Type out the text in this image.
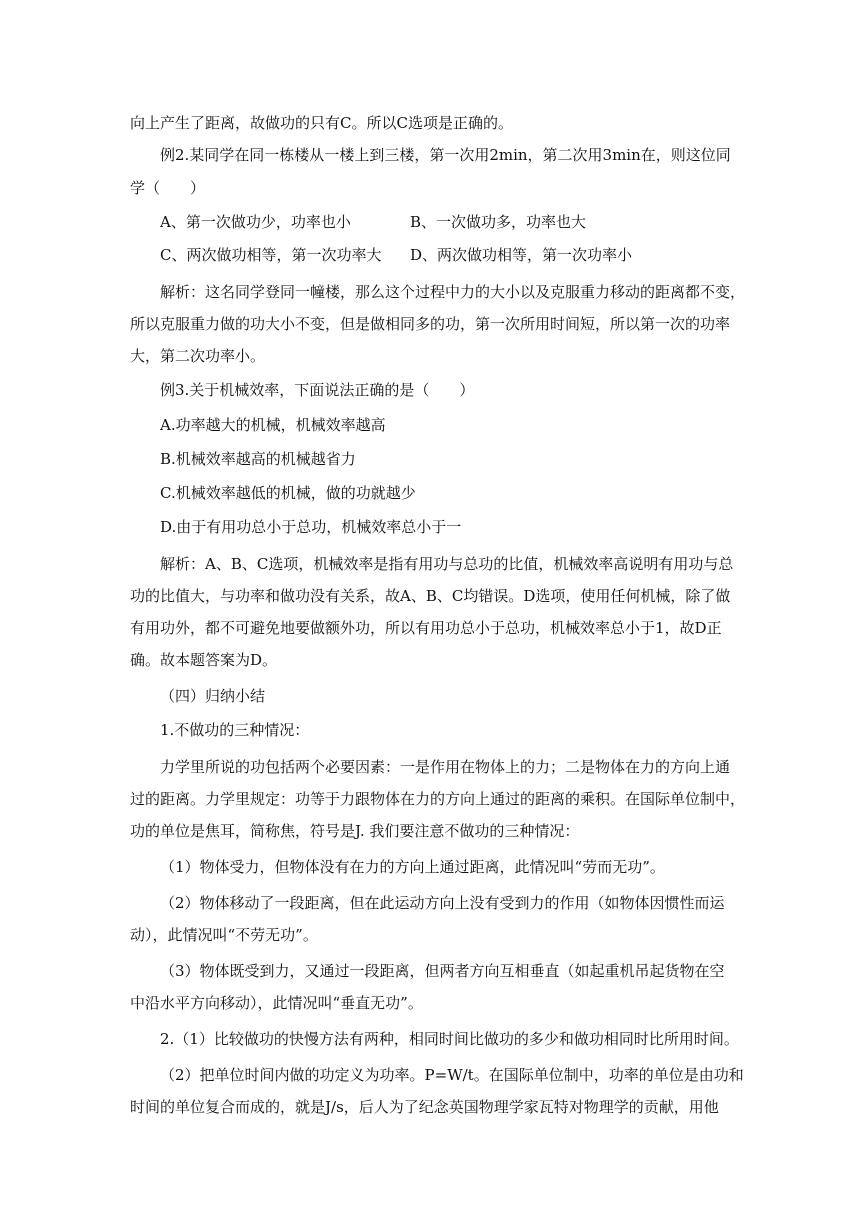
向上产生了距离，故做功的只有C。所以C选项是正确的。
例2.某同学在同一栋楼从一楼上到三楼，第一次用2min，第二次用3min在，则这位同
学（　　）
A、第一次做功少，功率也小	B、一次做功多，功率也大
C、两次做功相等，第一次功率大 D、两次做功相等，第一次功率小
解析：这名同学登同一幢楼，那么这个过程中力的大小以及克服重力移动的距离都不变，
所以克服重力做的功大小不变，但是做相同多的功，第一次所用时间短，所以第一次的功率
大，第二次功率小。
例3.关于机械效率，下面说法正确的是（　　）
A.功率越大的机械，机械效率越高
B.机械效率越高的机械越省力
C.机械效率越低的机械，做的功就越少
D.由于有用功总小于总功，机械效率总小于一
解析：A、B、C选项，机械效率是指有用功与总功的比值，机械效率高说明有用功与总
功的比值大，与功率和做功没有关系，故A、B、C均错误。D选项，使用任何机械，除了做
有用功外，都不可避免地要做额外功，所以有用功总小于总功，机械效率总小于1，故D正
确。故本题答案为D。
（四）归纳小结
1.不做功的三种情况：
力学里所说的功包括两个必要因素：一是作用在物体上的力；二是物体在力的方向上通
过的距离。力学里规定：功等于力跟物体在力的方向上通过的距离的乘积。在国际单位制中，
功的单位是焦耳，简称焦，符号是J. 我们要注意不做功的三种情况：
（1）物体受力，但物体没有在力的方向上通过距离，此情况叫“劳而无功”。
（2）物体移动了一段距离，但在此运动方向上没有受到力的作用（如物体因惯性而运
动），此情况叫“不劳无功”。
（3）物体既受到力，又通过一段距离，但两者方向互相垂直（如起重机吊起货物在空
中沿水平方向移动），此情况叫“垂直无功”。
2.（1）比较做功的快慢方法有两种，相同时间比做功的多少和做功相同时比所用时间。
（2）把单位时间内做的功定义为功率。P=W/t。在国际单位制中，功率的单位是由功和
时间的单位复合而成的，就是J/s，后人为了纪念英国物理学家瓦特对物理学的贡献，用他
